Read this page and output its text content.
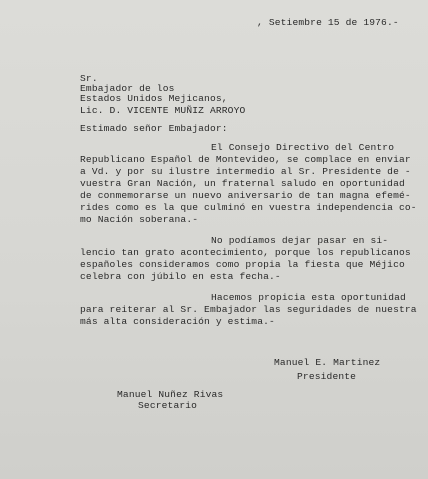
, Setiembre 15 de 1976.-
Sr.
Embajador de los
Estados Unidos Mejicanos,
Lic. D. VICENTE MUÑIZ ARROYO
Estimado señor Embajador:
El Consejo Directivo del Centro
Republicano Español de Montevideo, se complace en enviar
a Vd. y por su ilustre intermedio al Sr. Presidente de -
vuestra Gran Nación, un fraternal saludo en oportunidad
de conmemorarse un nuevo aniversario de tan magna efemé-
rides como es la que culminó en vuestra independencia co-
mo Nación soberana.-
No podíamos dejar pasar en si-
lencio tan grato acontecimiento, porque los republicanos
españoles consideramos como propia la fiesta que Méjico
celebra con júbilo en esta fecha.-
Hacemos propicia esta oportunidad
para reiterar al Sr. Embajador las seguridades de nuestra
más alta consideración y estima.-
Manuel E. Martinez
Presidente
Manuel Nuñez Rivas
Secretario
